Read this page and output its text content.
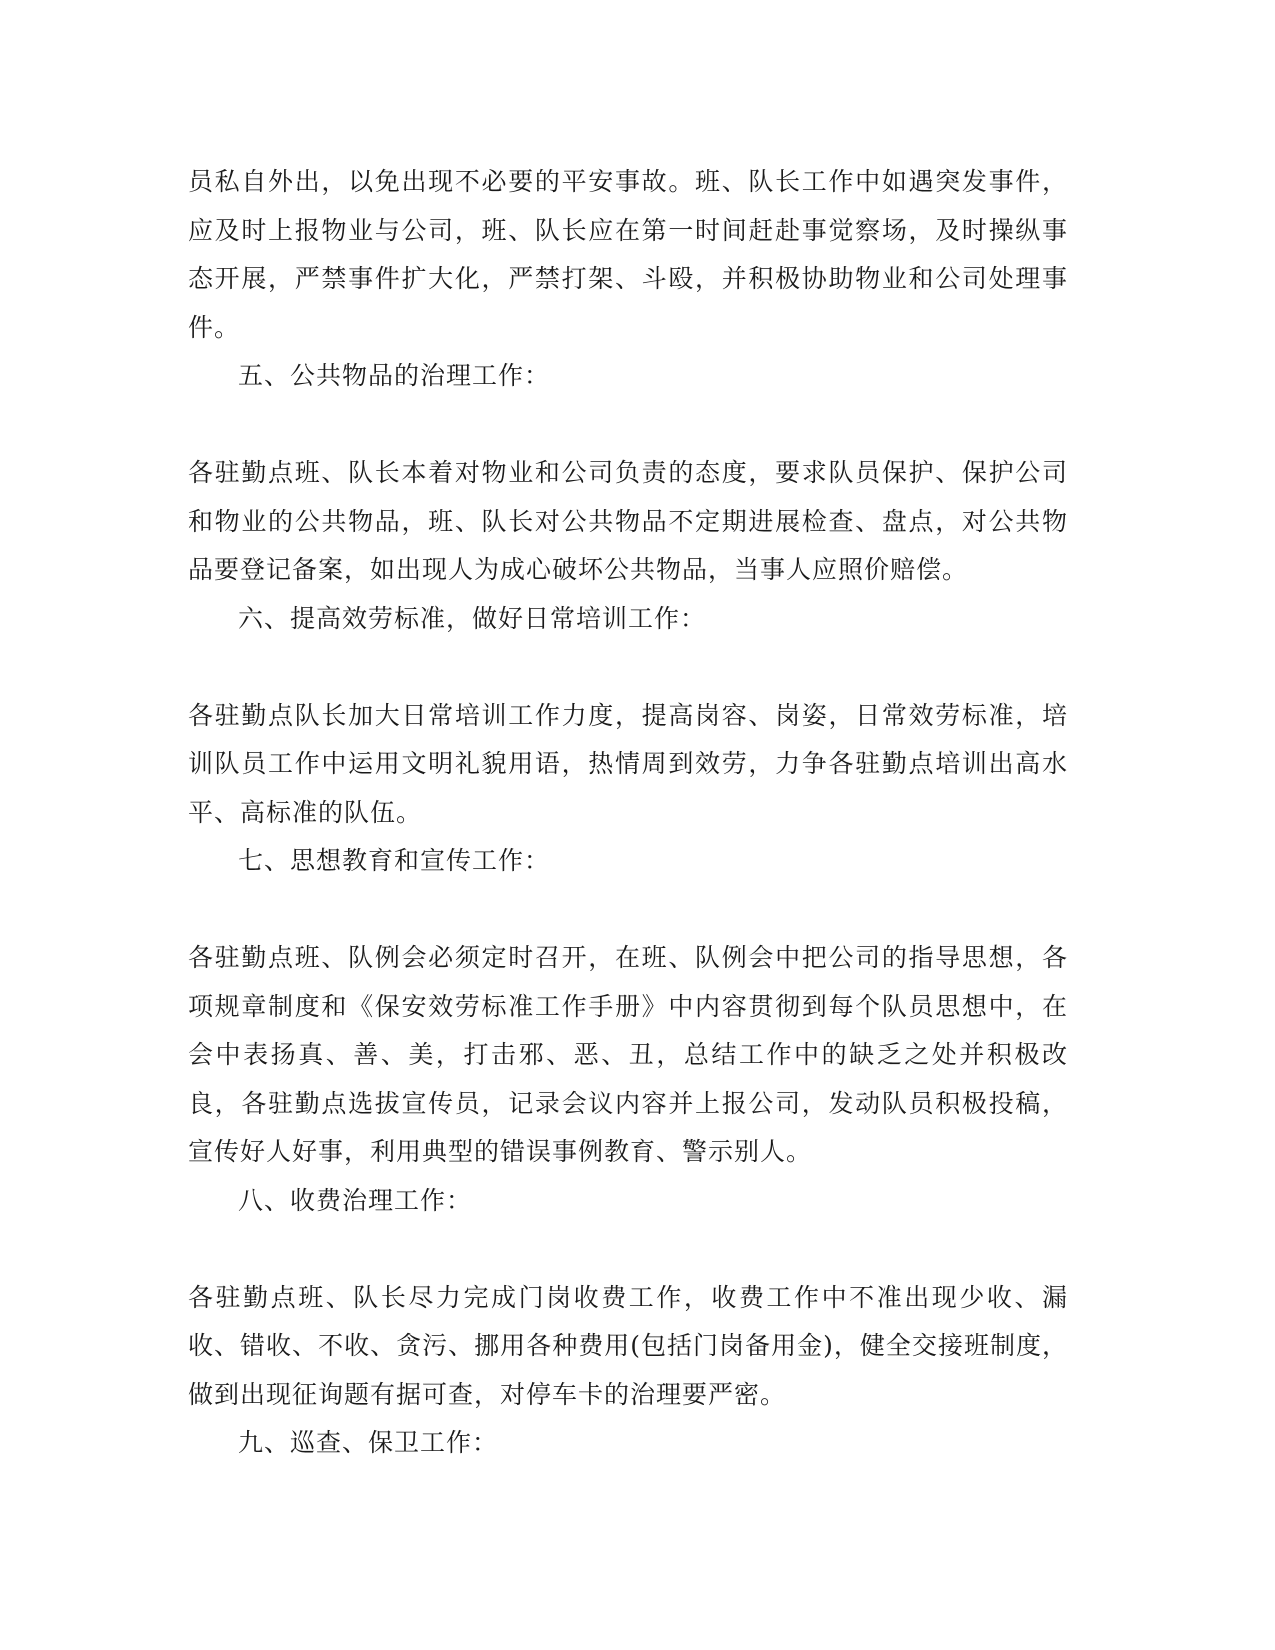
员私自外出，以免出现不必要的平安事故。班、队长工作中如遇突发事件，应及时上报物业与公司，班、队长应在第一时间赶赴事觉察场，及时操纵事态开展，严禁事件扩大化，严禁打架、斗殴，并积极协助物业和公司处理事件。

五、公共物品的治理工作：

各驻勤点班、队长本着对物业和公司负责的态度，要求队员保护、保护公司和物业的公共物品，班、队长对公共物品不定期进展检查、盘点，对公共物品要登记备案，如出现人为成心破坏公共物品，当事人应照价赔偿。

六、提高效劳标准，做好日常培训工作：

各驻勤点队长加大日常培训工作力度，提高岗容、岗姿，日常效劳标准，培训队员工作中运用文明礼貌用语，热情周到效劳，力争各驻勤点培训出高水平、高标准的队伍。

七、思想教育和宣传工作：

各驻勤点班、队例会必须定时召开，在班、队例会中把公司的指导思想，各项规章制度和《保安效劳标准工作手册》中内容贯彻到每个队员思想中，在会中表扬真、善、美，打击邪、恶、丑，总结工作中的缺乏之处并积极改良，各驻勤点选拔宣传员，记录会议内容并上报公司，发动队员积极投稿，宣传好人好事，利用典型的错误事例教育、警示别人。

八、收费治理工作：

各驻勤点班、队长尽力完成门岗收费工作，收费工作中不准出现少收、漏收、错收、不收、贪污、挪用各种费用(包括门岗备用金)，健全交接班制度，做到出现征询题有据可查，对停车卡的治理要严密。

九、巡查、保卫工作：
